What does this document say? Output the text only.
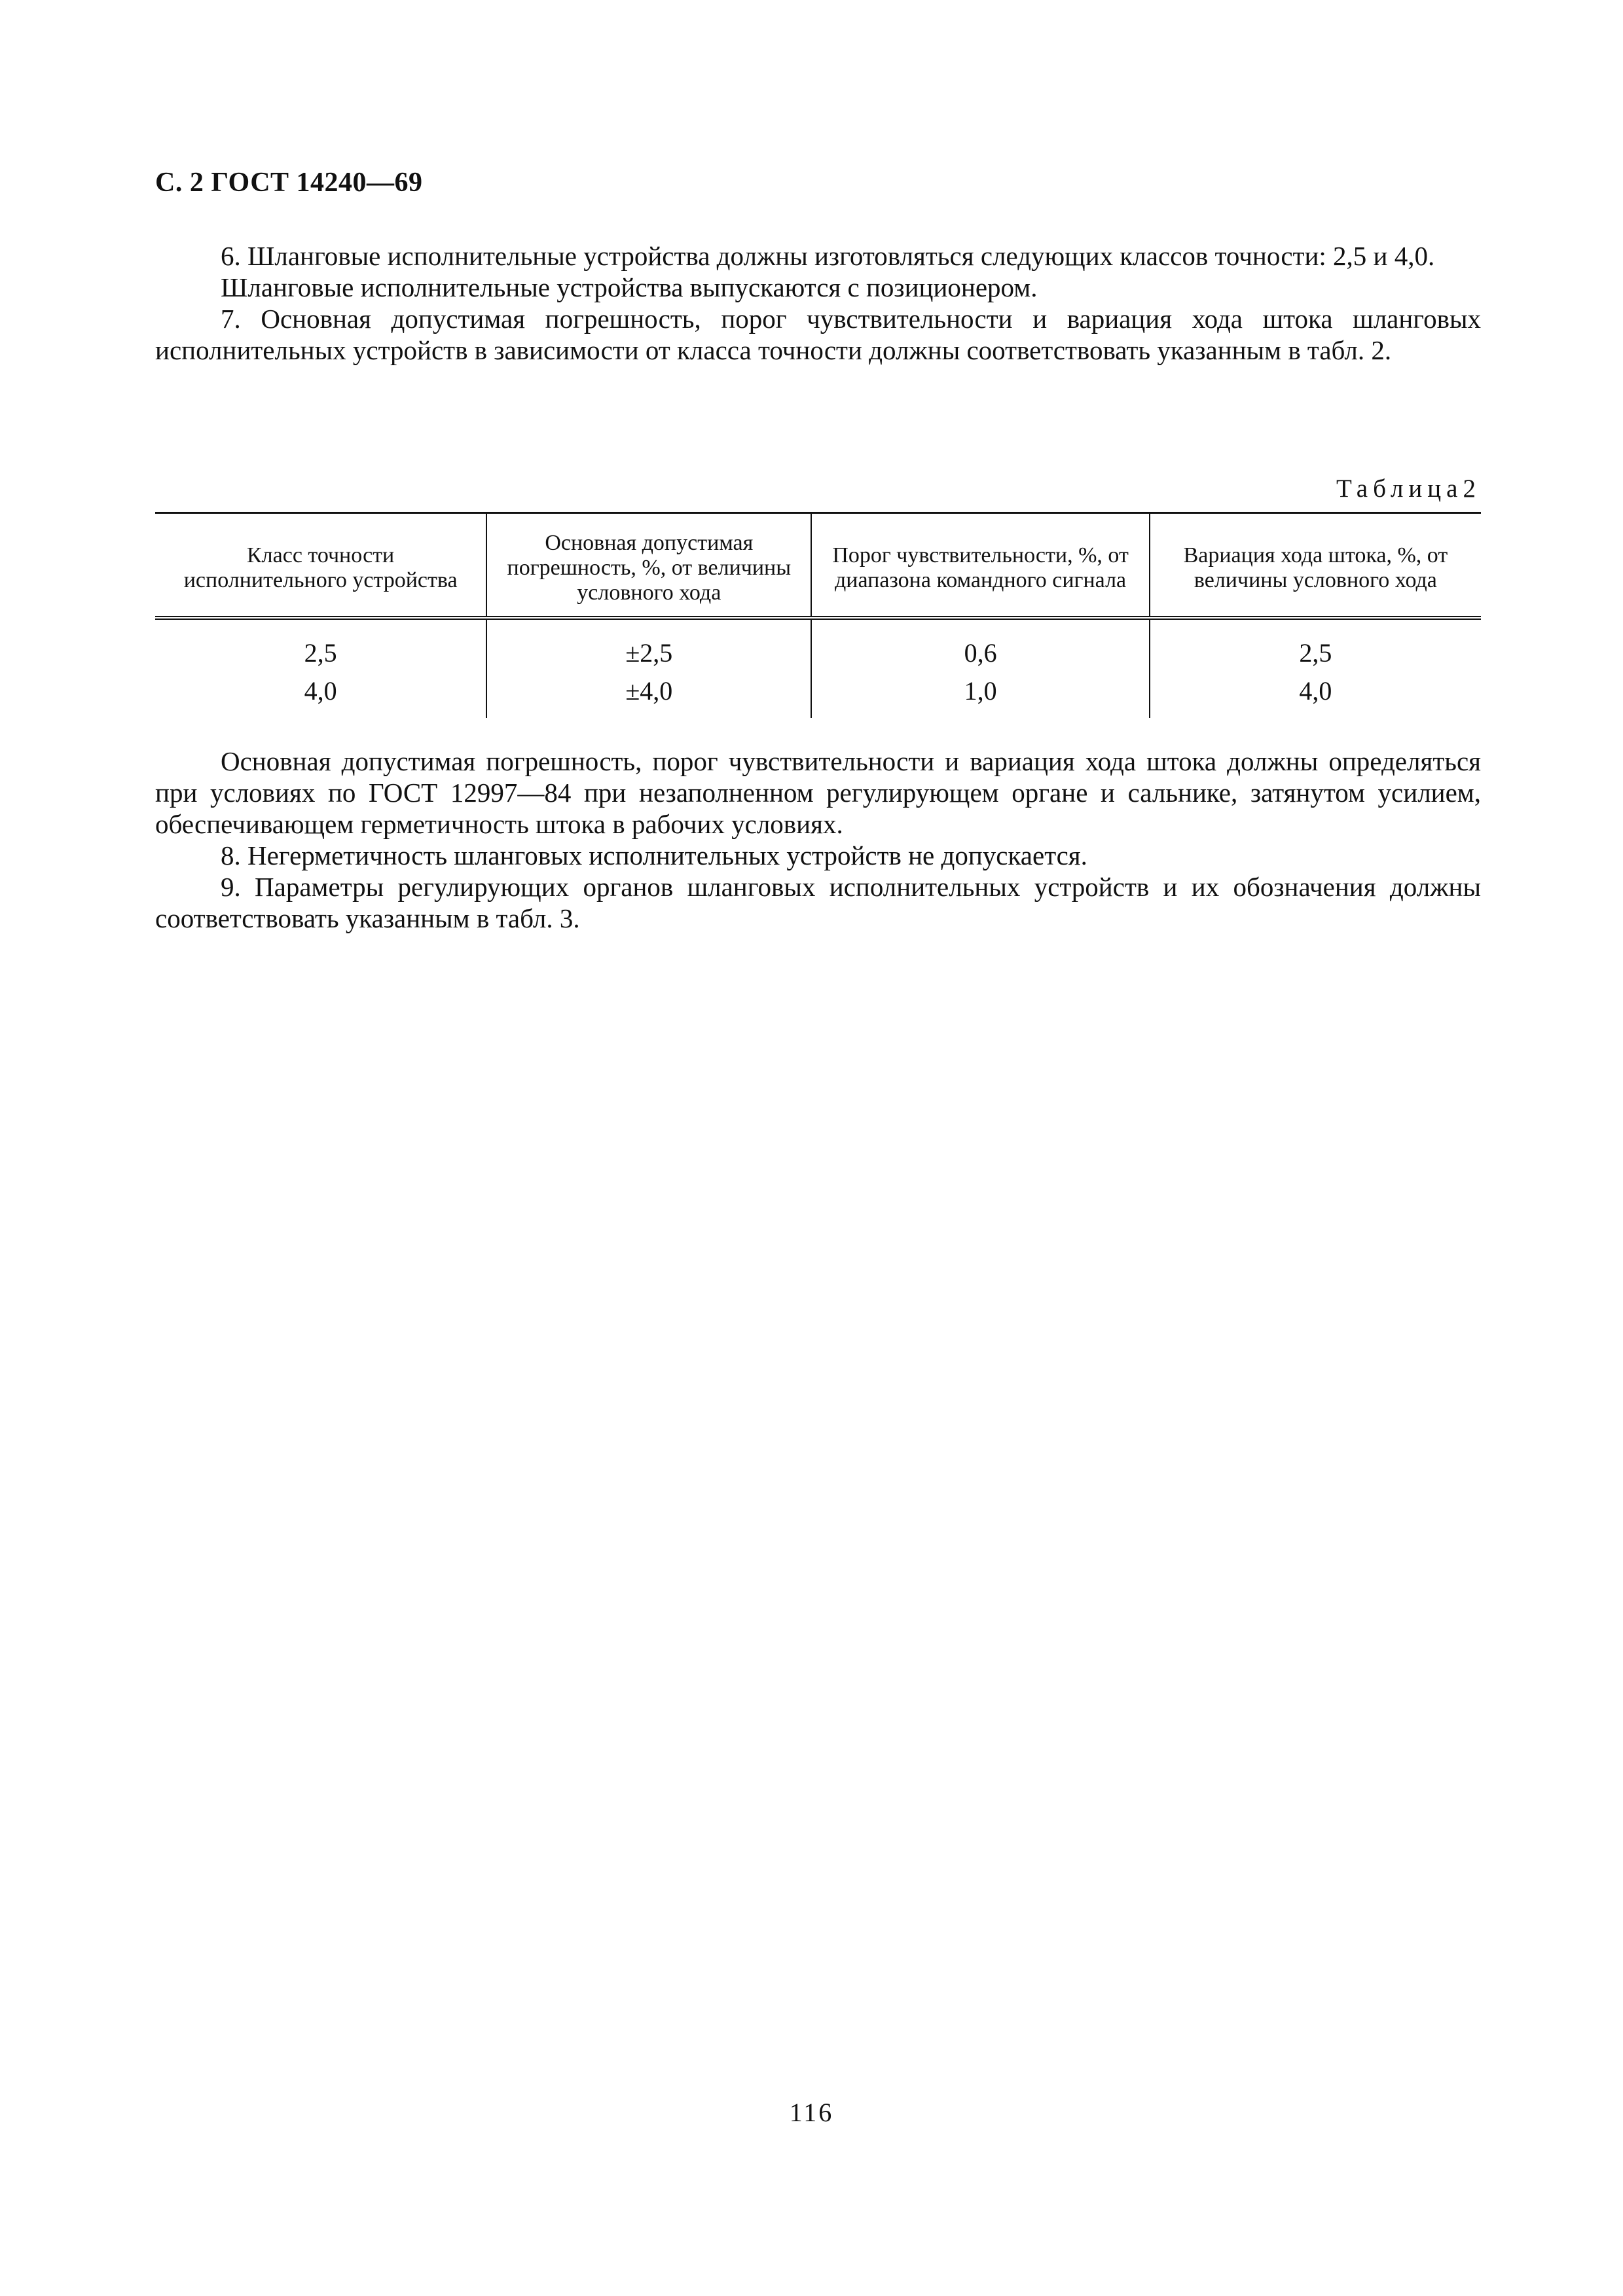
С. 2 ГОСТ 14240—69

6. Шланговые исполнительные устройства должны изготовляться следующих классов точности: 2,5 и 4,0.

Шланговые исполнительные устройства выпускаются с позиционером.

7. Основная допустимая погрешность, порог чувствительности и вариация хода штока шланговых исполнительных устройств в зависимости от класса точности должны соответствовать указанным в табл. 2.

Таблица2
Класс точности исполнительного устройства	Основная допустимая погрешность, %, от величины условного хода	Порог чувствительности, %, от диапазона командного сигнала	Вариация хода штока, %, от величины условного хода
2,5	±2,5	0,6	2,5
4,0	±4,0	1,0	4,0

Основная допустимая погрешность, порог чувствительности и вариация хода штока должны определяться при условиях по ГОСТ 12997—84 при незаполненном регулирующем органе и сальнике, затянутом усилием, обеспечивающем герметичность штока в рабочих условиях.

8. Негерметичность шланговых исполнительных устройств не допускается.

9. Параметры регулирующих органов шланговых исполнительных устройств и их обозначения должны соответствовать указанным в табл. 3.

116
